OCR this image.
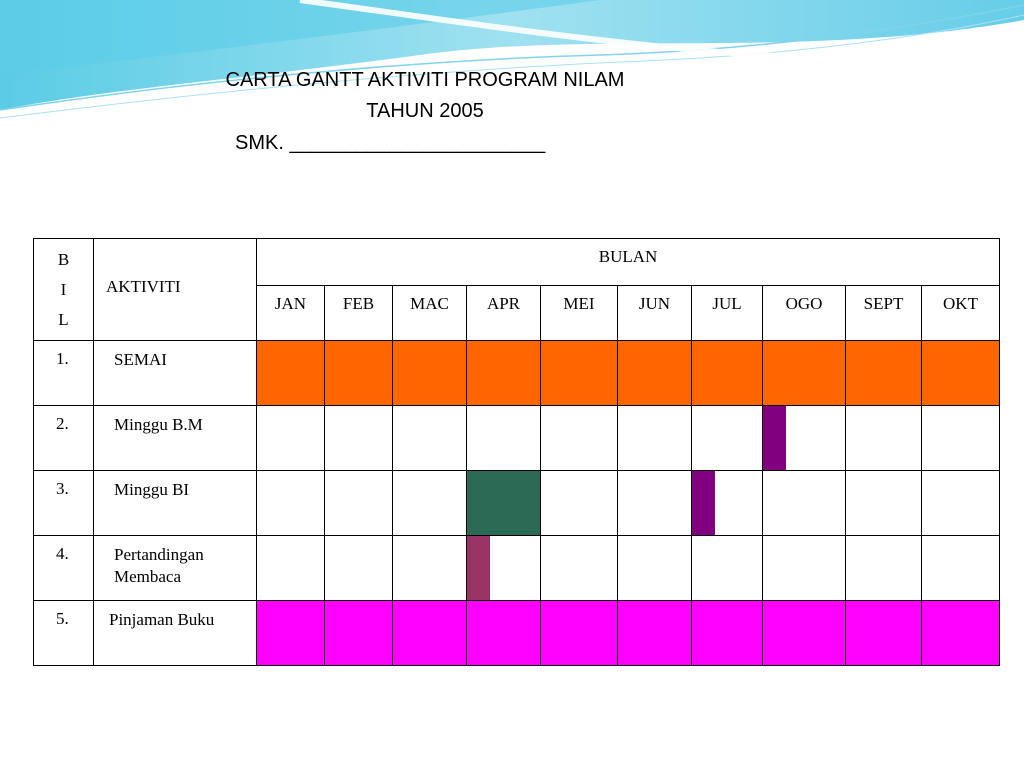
CARTA GANTT AKTIVITI PROGRAM NILAM
TAHUN 2005
SMK. _______________________
B
I
L	AKTIVITI	BULAN									
		JAN	FEB	MAC	APR	MEI	JUN	JUL	OGO	SEPT	OKT
1.	SEMAI										
2.	Minggu B.M								

3.	Minggu BI							

4.	Pertandingan Membaca				

5.	Pinjaman Buku										
